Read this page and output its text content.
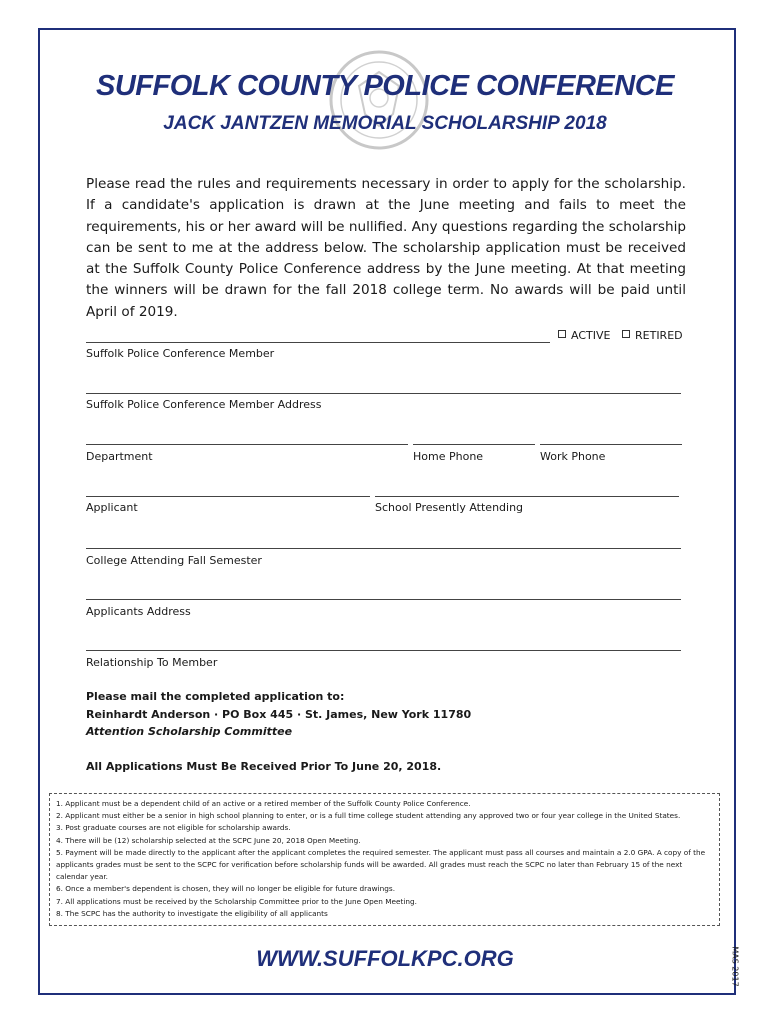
SUFFOLK COUNTY POLICE CONFERENCE
JACK JANTZEN MEMORIAL SCHOLARSHIP 2018

Please read the rules and requirements necessary in order to apply for the scholarship. If a candidate's application is drawn at the June meeting and fails to meet the requirements, his or her award will be nullified. Any questions regarding the scholarship can be sent to me at the address below. The scholarship application must be received at the Suffolk County Police Conference address by the June meeting. At that meeting the winners will be drawn for the fall 2018 college term. No awards will be paid until April of 2019.

ACTIVE	RETIRED
Suffolk Police Conference Member
Suffolk Police Conference Member Address
Department	Home Phone	Work Phone
Applicant	School Presently Attending
College Attending Fall Semester
Applicants Address
Relationship To Member
Please mail the completed application to:
Reinhardt Anderson · PO Box 445 · St. James, New York 11780
Attention Scholarship Committee
All Applications Must Be Received Prior To June 20, 2018.
1. Applicant must be a dependent child of an active or a retired member of the Suffolk County Police Conference.
2. Applicant must either be a senior in high school planning to enter, or is a full time college student attending any approved two or four year college in the United States.
3. Post graduate courses are not eligible for scholarship awards.
4. There will be (12) scholarship selected at the SCPC June 20, 2018 Open Meeting.
5. Payment will be made directly to the applicant after the applicant completes the required semester. The applicant must pass all courses and maintain a 2.0 GPA. A copy of the applicants grades must be sent to the SCPC for verification before scholarship funds will be awarded. All grades must reach the SCPC no later than February 15 of the next calendar year.
6. Once a member's dependent is chosen, they will no longer be eligible for future drawings.
7. All applications must be received by the Scholarship Committee prior to the June Open Meeting.
8. The SCPC has the authority to investigate the eligibility of all applicants
WWW.SUFFOLKPC.ORG	MAS 2017
